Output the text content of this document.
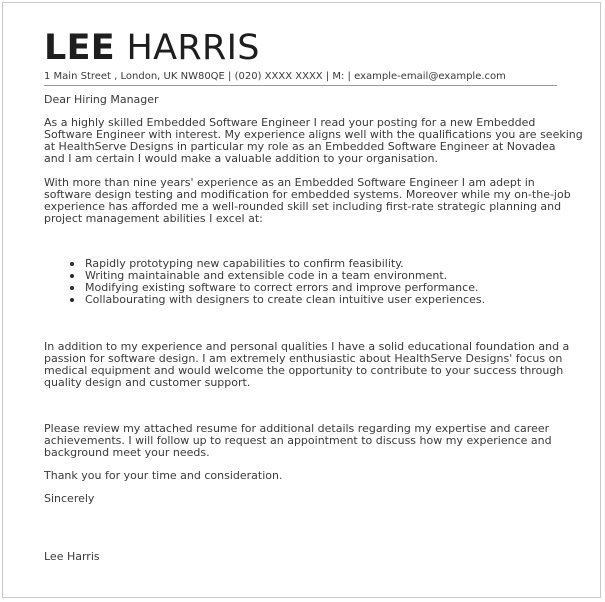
LEE HARRIS
1 Main Street , London, UK NW80QE | (020) XXXX XXXX | M: | example-email@example.com

Dear Hiring Manager

As a highly skilled Embedded Software Engineer I read your posting for a new Embedded
Software Engineer with interest. My experience aligns well with the qualifications you are seeking
at HealthServe Designs in particular my role as an Embedded Software Engineer at Novadea
and I am certain I would make a valuable addition to your organisation.

With more than nine years' experience as an Embedded Software Engineer I am adept in
software design testing and modification for embedded systems. Moreover while my on-the-job
experience has afforded me a well-rounded skill set including first-rate strategic planning and
project management abilities I excel at:

Rapidly prototyping new capabilities to confirm feasibility.
Writing maintainable and extensible code in a team environment.
Modifying existing software to correct errors and improve performance.
Collabourating with designers to create clean intuitive user experiences.

In addition to my experience and personal qualities I have a solid educational foundation and a
passion for software design. I am extremely enthusiastic about HealthServe Designs' focus on
medical equipment and would welcome the opportunity to contribute to your success through
quality design and customer support.

Please review my attached resume for additional details regarding my expertise and career
achievements. I will follow up to request an appointment to discuss how my experience and
background meet your needs.

Thank you for your time and consideration.

Sincerely

Lee Harris
